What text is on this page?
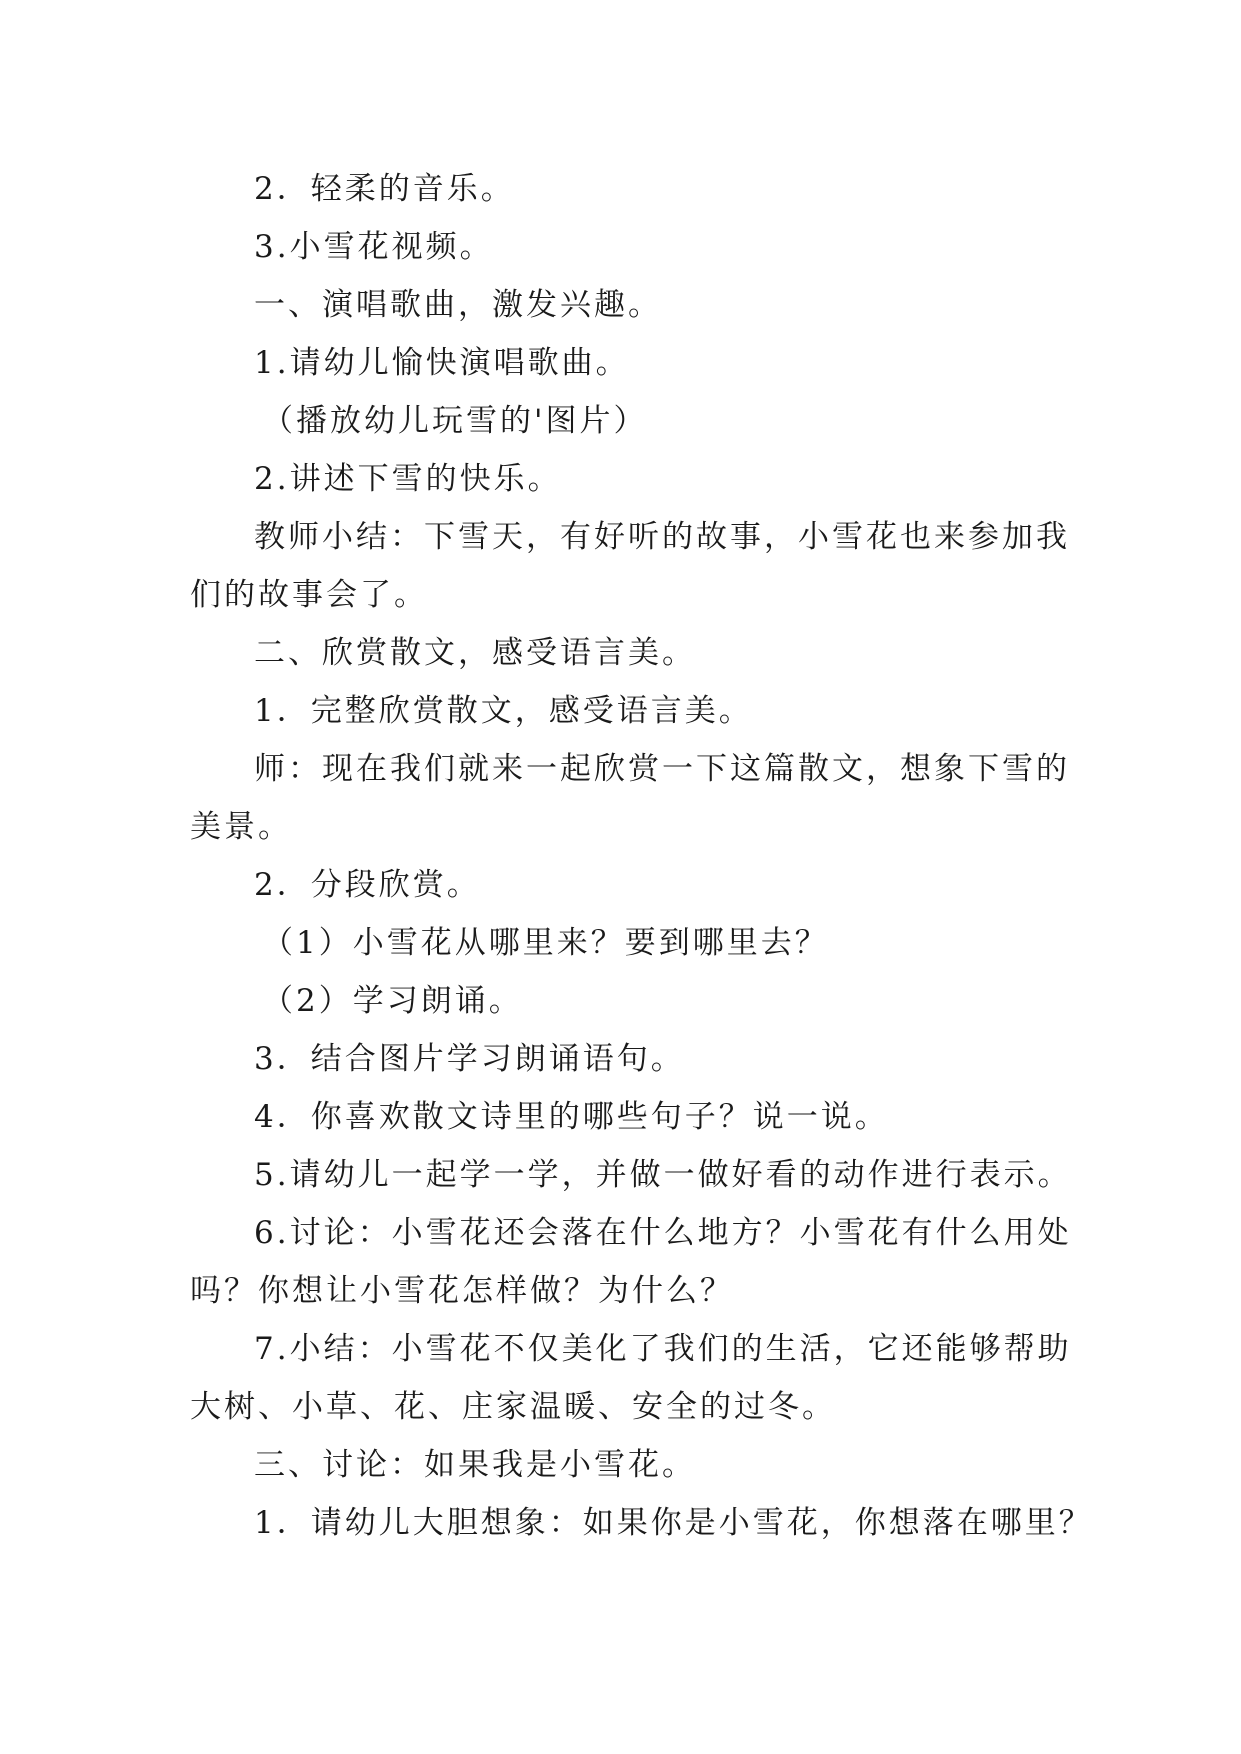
2．轻柔的音乐。
3.小雪花视频。
一、演唱歌曲，激发兴趣。
1.请幼儿愉快演唱歌曲。
（播放幼儿玩雪的'图片）
2.讲述下雪的快乐。
教师小结：下雪天，有好听的故事，小雪花也来参加我
们的故事会了。
二、欣赏散文，感受语言美。
1．完整欣赏散文，感受语言美。
师：现在我们就来一起欣赏一下这篇散文，想象下雪的
美景。
2．分段欣赏。
（1）小雪花从哪里来？要到哪里去？
（2）学习朗诵。
3．结合图片学习朗诵语句。
4．你喜欢散文诗里的哪些句子？说一说。
5.请幼儿一起学一学，并做一做好看的动作进行表示。
6.讨论：小雪花还会落在什么地方？小雪花有什么用处
吗？你想让小雪花怎样做？为什么？
7.小结：小雪花不仅美化了我们的生活，它还能够帮助
大树、小草、花、庄家温暖、安全的过冬。
三、讨论：如果我是小雪花。
1．请幼儿大胆想象：如果你是小雪花，你想落在哪里？
